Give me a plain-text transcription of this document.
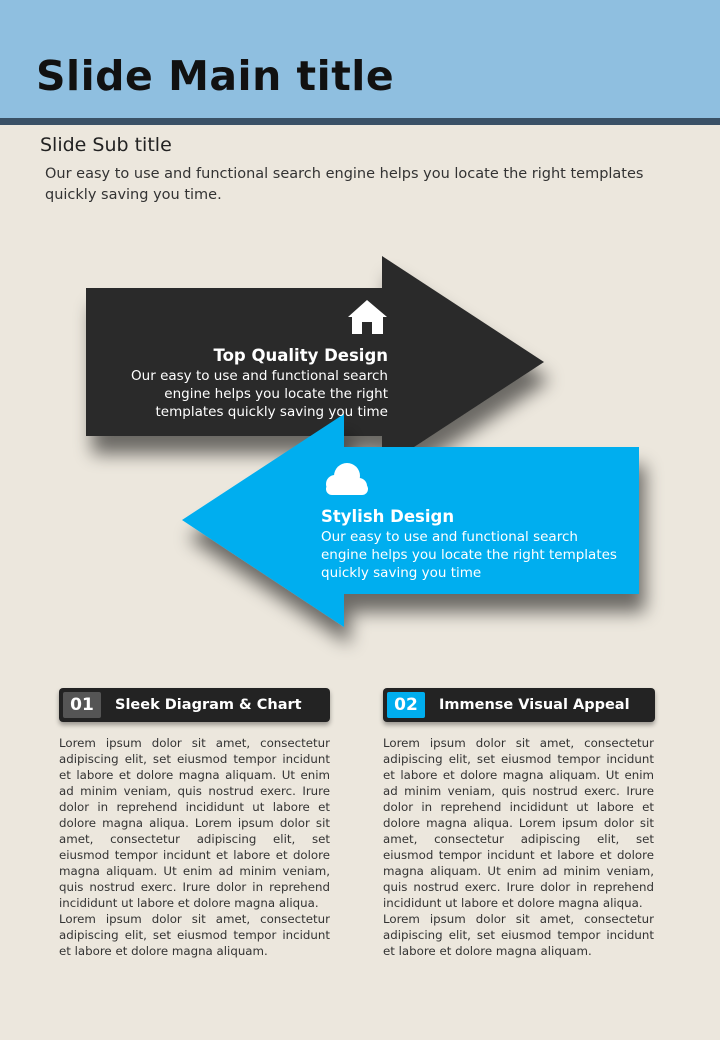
Slide Main title
Slide Sub title
Our easy to use and functional search engine helps you locate the right templates quickly saving you time.
Top Quality Design
Our easy to use and functional search engine helps you locate the right templates quickly saving you time
Stylish Design
Our easy to use and functional search engine helps you locate the right templates quickly saving you time
01	Sleek Diagram & Chart	02	Immense Visual Appeal

Lorem ipsum dolor sit amet, consectetur adipiscing elit, set eiusmod tempor incidunt et labore et dolore magna aliquam. Ut enim ad minim veniam, quis nostrud exerc. Irure dolor in reprehend incididunt ut labore et dolore magna aliqua. Lorem ipsum dolor sit amet, consectetur adipiscing elit, set eiusmod tempor incidunt et labore et dolore magna aliquam. Ut enim ad minim veniam, quis nostrud exerc. Irure dolor in reprehend incididunt ut labore et dolore magna aliqua.

Lorem ipsum dolor sit amet, consectetur adipiscing elit, set eiusmod tempor incidunt et labore et dolore magna aliquam.

Lorem ipsum dolor sit amet, consectetur adipiscing elit, set eiusmod tempor incidunt et labore et dolore magna aliquam. Ut enim ad minim veniam, quis nostrud exerc. Irure dolor in reprehend incididunt ut labore et dolore magna aliqua. Lorem ipsum dolor sit amet, consectetur adipiscing elit, set eiusmod tempor incidunt et labore et dolore magna aliquam. Ut enim ad minim veniam, quis nostrud exerc. Irure dolor in reprehend incididunt ut labore et dolore magna aliqua.

Lorem ipsum dolor sit amet, consectetur adipiscing elit, set eiusmod tempor incidunt et labore et dolore magna aliquam.
